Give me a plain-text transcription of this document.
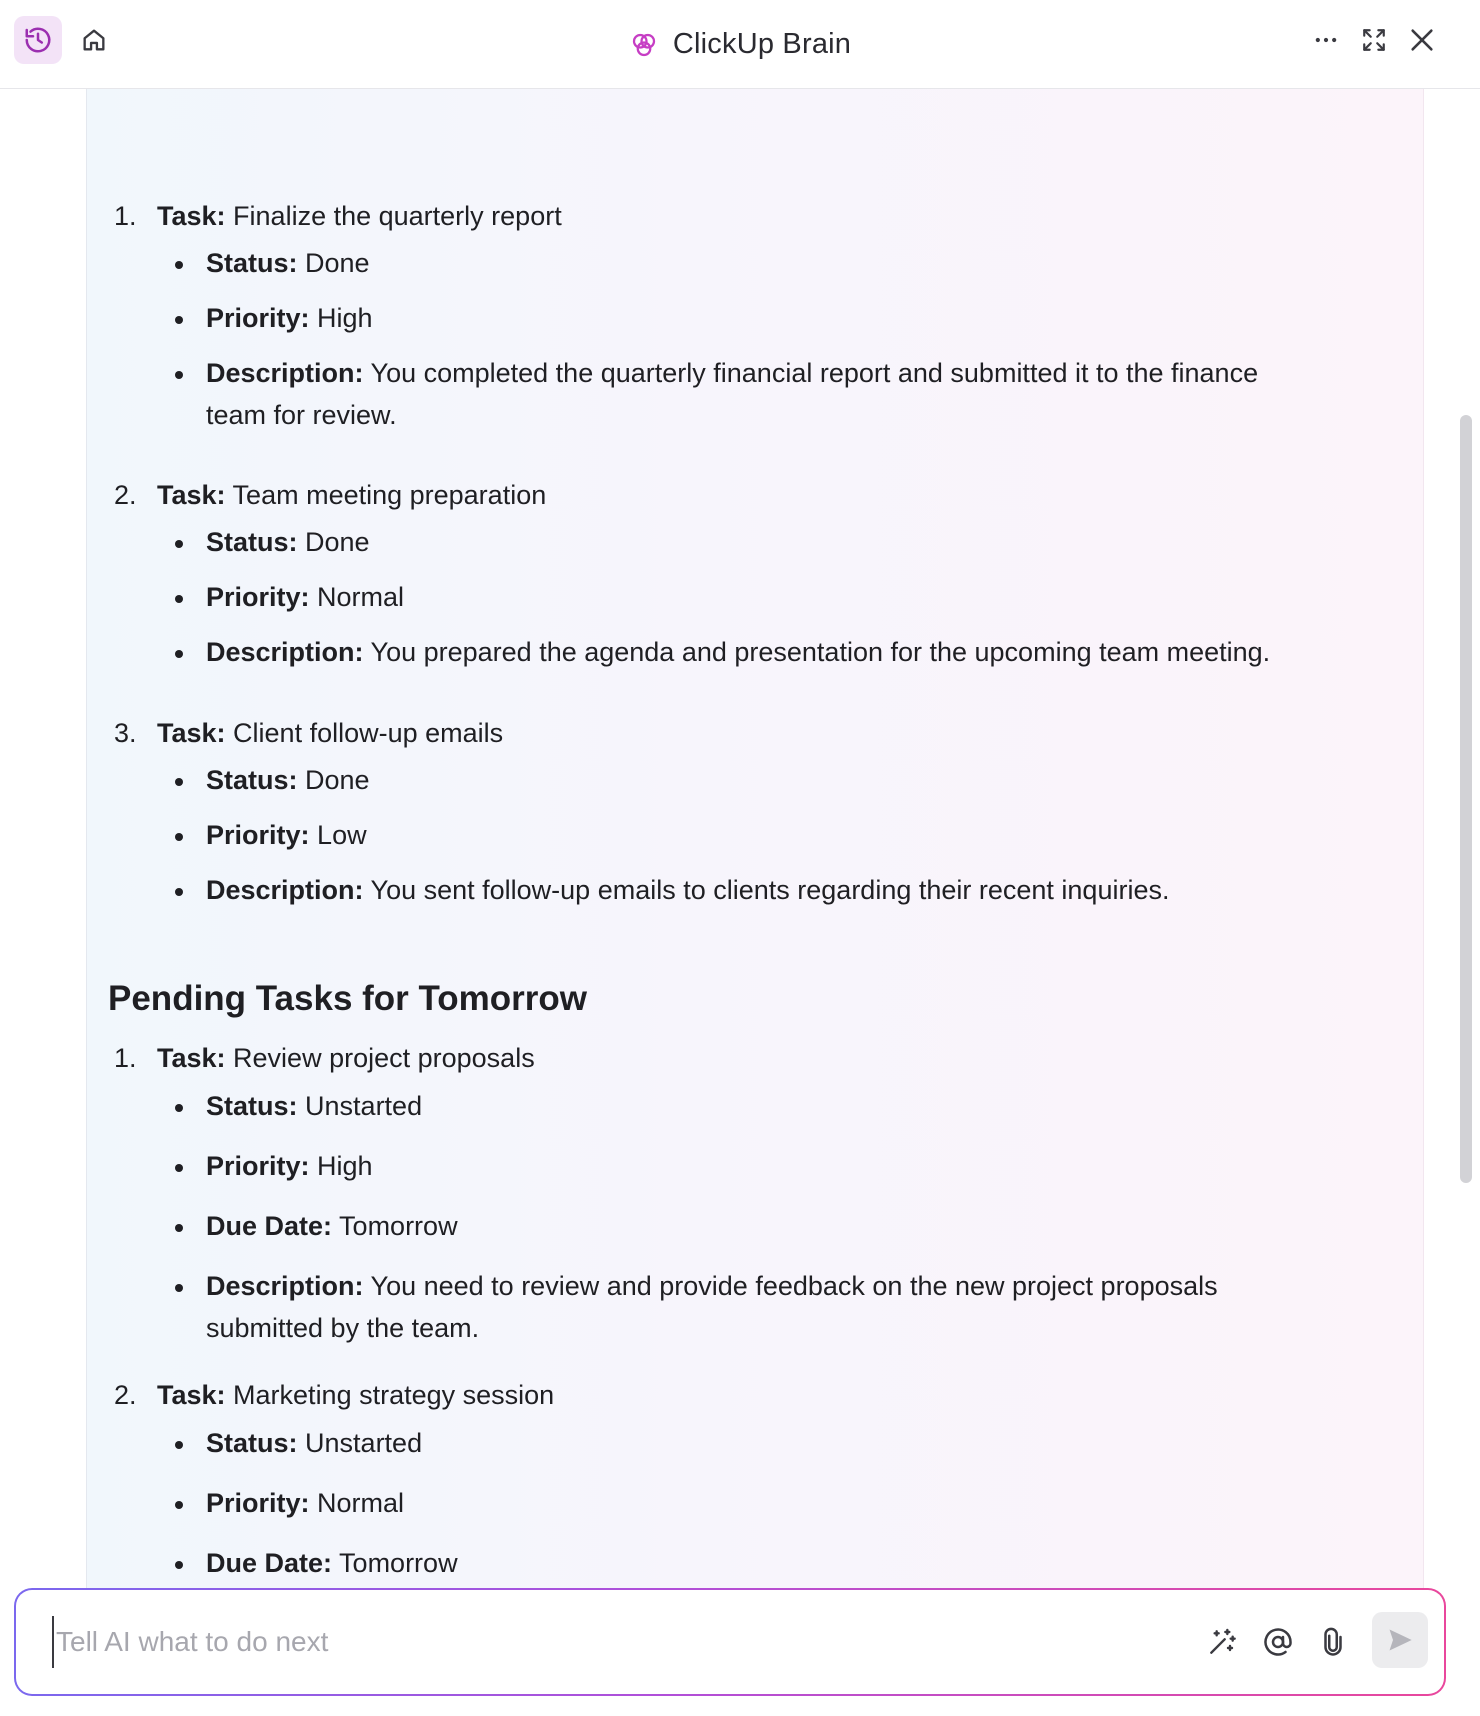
ClickUp Brain
1. Task: Finalize the quarterly report
Status: Done
Priority: High
Description: You completed the quarterly financial report and submitted it to the finance
team for review.
2. Task: Team meeting preparation
Status: Done
Priority: Normal
Description: You prepared the agenda and presentation for the upcoming team meeting.
3. Task: Client follow-up emails
Status: Done
Priority: Low
Description: You sent follow-up emails to clients regarding their recent inquiries.
Pending Tasks for Tomorrow
1. Task: Review project proposals
Status: Unstarted
Priority: High
Due Date: Tomorrow
Description: You need to review and provide feedback on the new project proposals
submitted by the team.
2. Task: Marketing strategy session
Status: Unstarted
Priority: Normal
Due Date: Tomorrow
Tell AI what to do next
